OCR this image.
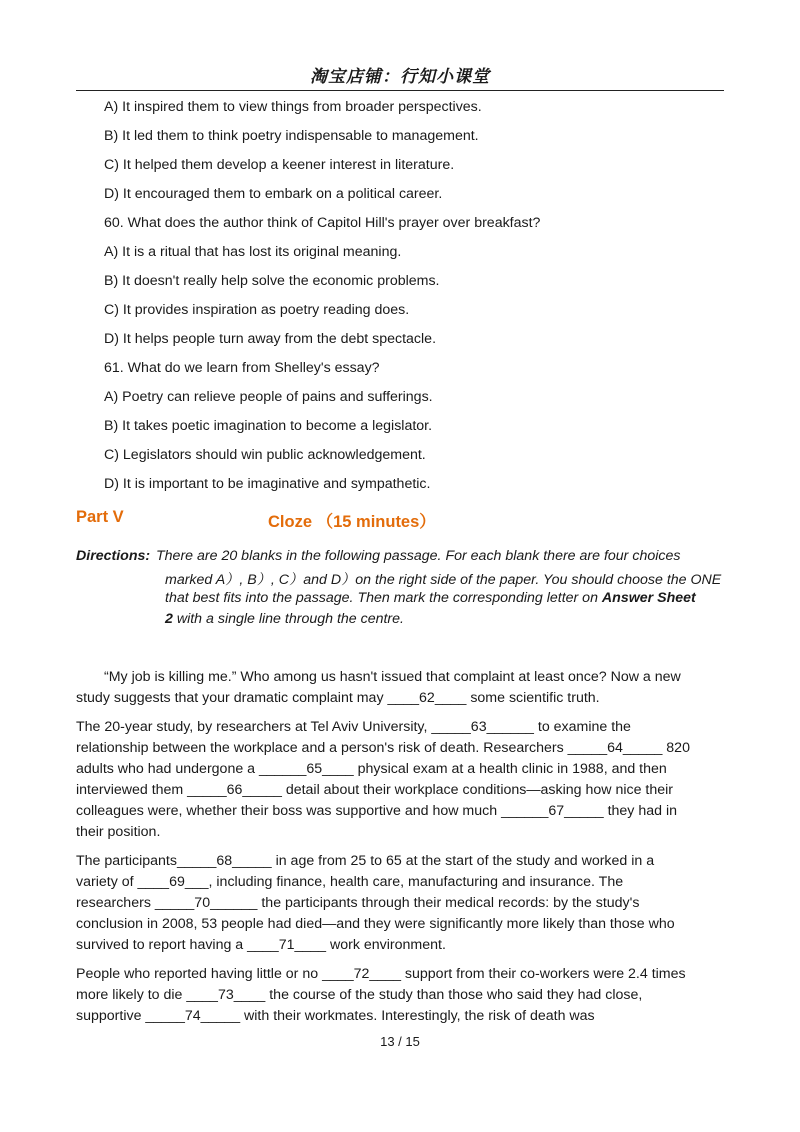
淘宝店铺：行知小课堂
A) It inspired them to view things from broader perspectives.
B) It led them to think poetry indispensable to management.
C) It helped them develop a keener interest in literature.
D) It encouraged them to embark on a political career.
60. What does the author think of Capitol Hill's prayer over breakfast?
A) It is a ritual that has lost its original meaning.
B) It doesn't really help solve the economic problems.
C) It provides inspiration as poetry reading does.
D) It helps people turn away from the debt spectacle.
61. What do we learn from Shelley's essay?
A) Poetry can relieve people of pains and sufferings.
B) It takes poetic imagination to become a legislator.
C) Legislators should win public acknowledgement.
D) It is important to be imaginative and sympathetic.
Part V	Cloze （15 minutes）
Directions: There are 20 blanks in the following passage. For each blank there are four choices
marked A）, B）, C）and D）on the right side of the paper. You should choose the ONE
that best fits into the passage. Then mark the corresponding letter on Answer Sheet
2 with a single line through the centre.
“My job is killing me.” Who among us hasn't issued that complaint at least once? Now a new
study suggests that your dramatic complaint may ____62____ some scientific truth.
The 20-year study, by researchers at Tel Aviv University, _____63______ to examine the
relationship between the workplace and a person's risk of death. Researchers _____64_____ 820
adults who had undergone a ______65____ physical exam at a health clinic in 1988, and then
interviewed them _____66_____ detail about their workplace conditions—asking how nice their
colleagues were, whether their boss was supportive and how much ______67_____ they had in
their position.
The participants_____68_____ in age from 25 to 65 at the start of the study and worked in a
variety of ____69___, including finance, health care, manufacturing and insurance. The
researchers _____70______ the participants through their medical records: by the study's
conclusion in 2008, 53 people had died—and they were significantly more likely than those who
survived to report having a ____71____ work environment.
People who reported having little or no ____72____ support from their co-workers were 2.4 times
more likely to die ____73____ the course of the study than those who said they had close,
supportive _____74_____ with their workmates. Interestingly, the risk of death was
13 / 15
